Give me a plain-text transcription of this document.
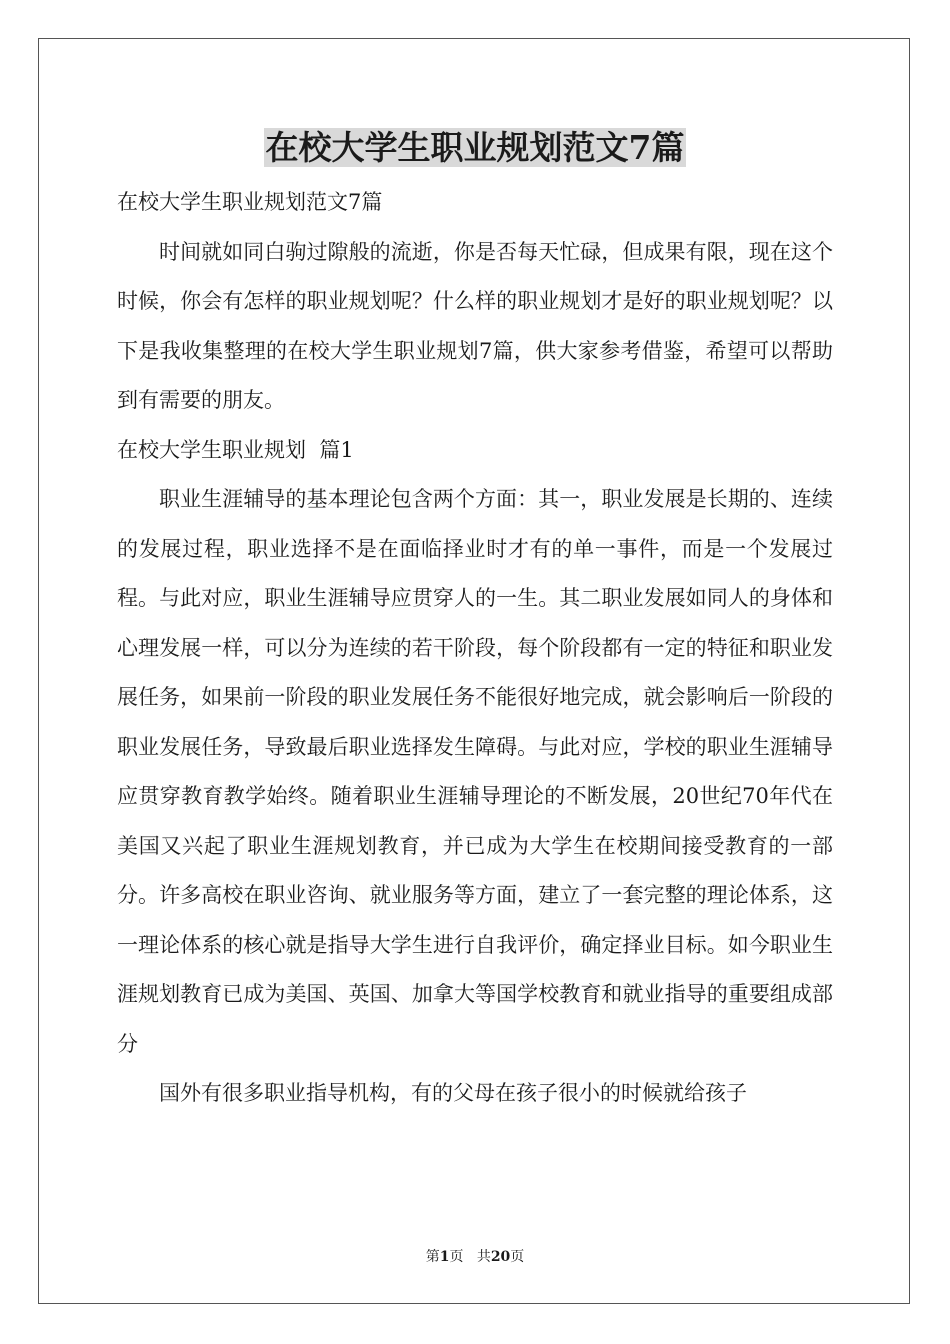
在校大学生职业规划范文7篇

在校大学生职业规划范文7篇

时间就如同白驹过隙般的流逝，你是否每天忙碌，但成果有限，现在这个时候，你会有怎样的职业规划呢？什么样的职业规划才是好的职业规划呢？以下是我收集整理的在校大学生职业规划7篇，供大家参考借鉴，希望可以帮助到有需要的朋友。

在校大学生职业规划  篇1

职业生涯辅导的基本理论包含两个方面：其一，职业发展是长期的、连续的发展过程，职业选择不是在面临择业时才有的单一事件，而是一个发展过程。与此对应，职业生涯辅导应贯穿人的一生。其二职业发展如同人的身体和心理发展一样，可以分为连续的若干阶段，每个阶段都有一定的特征和职业发展任务，如果前一阶段的职业发展任务不能很好地完成，就会影响后一阶段的职业发展任务，导致最后职业选择发生障碍。与此对应，学校的职业生涯辅导应贯穿教育教学始终。随着职业生涯辅导理论的不断发展，20世纪70年代在美国又兴起了职业生涯规划教育，并已成为大学生在校期间接受教育的一部分。许多高校在职业咨询、就业服务等方面，建立了一套完整的理论体系，这一理论体系的核心就是指导大学生进行自我评价，确定择业目标。如今职业生涯规划教育已成为美国、英国、加拿大等国学校教育和就业指导的重要组成部分

国外有很多职业指导机构，有的父母在孩子很小的时候就给孩子

第1页 共20页
